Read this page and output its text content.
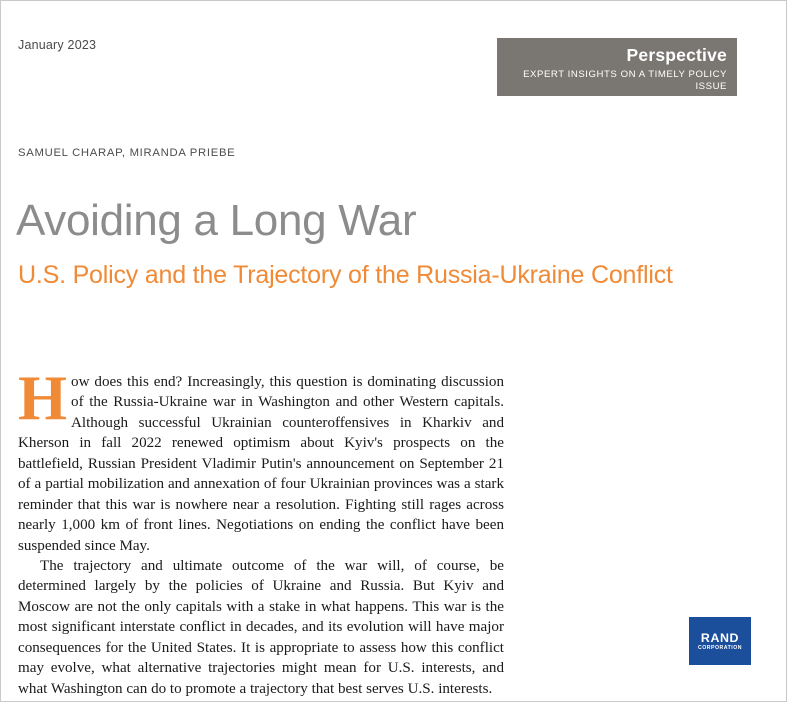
January 2023	Perspective
EXPERT INSIGHTS ON A TIMELY POLICY ISSUE
SAMUEL CHARAP, MIRANDA PRIEBE
Avoiding a Long War
U.S. Policy and the Trajectory of the Russia-Ukraine Conflict
H ow does this end? Increasingly, this question is dominating discussion of the Russia-Ukraine war in Washington and other Western capitals. Although successful Ukrainian counteroffensives in Kharkiv and Kherson in fall 2022 renewed optimism about Kyiv's prospects on the battlefield, Russian President Vladimir Putin's announcement on September 21 of a partial mobilization and annexation of four Ukrainian provinces was a stark reminder that this war is nowhere near a resolution. Fighting still rages across nearly 1,000 km of front lines. Negotiations on ending the conflict have been suspended since May.

The trajectory and ultimate outcome of the war will, of course, be determined largely by the policies of Ukraine and Russia. But Kyiv and Moscow are not the only capitals with a stake in what happens. This war is the most significant interstate conflict in decades, and its evolution will have major consequences for the United States. It is appropriate to assess how this conflict may evolve, what alternative trajectories might mean for U.S. interests, and what Washington can do to promote a trajectory that best serves U.S. interests.

RAND
CORPORATION
